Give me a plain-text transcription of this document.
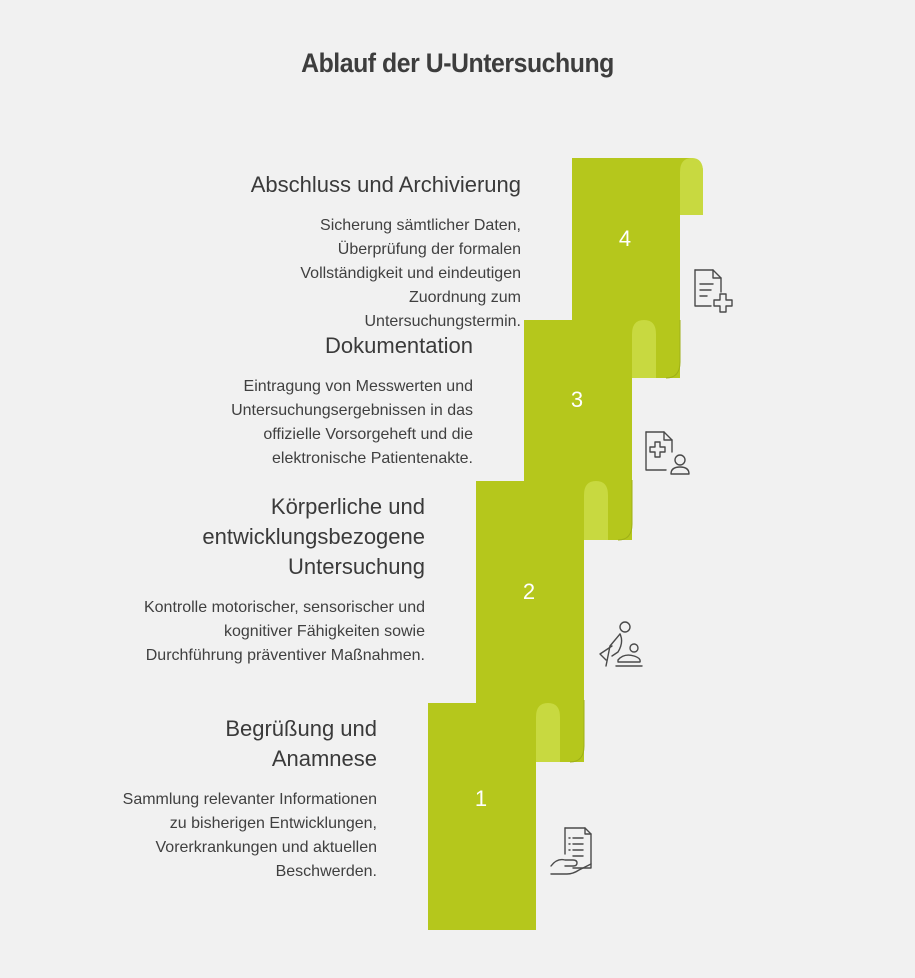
Ablauf der U-Untersuchung
4
3
2
1
Abschluss und Archivierung
Sicherung sämtlicher Daten, Überprüfung der formalen Vollständigkeit und eindeutigen Zuordnung zum Untersuchungstermin.
Dokumentation
Eintragung von Messwerten und Untersuchungsergebnissen in das offizielle Vorsorgeheft und die elektronische Patientenakte.
Körperliche und entwicklungsbezogene Untersuchung
Kontrolle motorischer, sensorischer und kognitiver Fähigkeiten sowie Durchführung präventiver Maßnahmen.
Begrüßung und Anamnese
Sammlung relevanter Informationen zu bisherigen Entwicklungen, Vorerkrankungen und aktuellen Beschwerden.
